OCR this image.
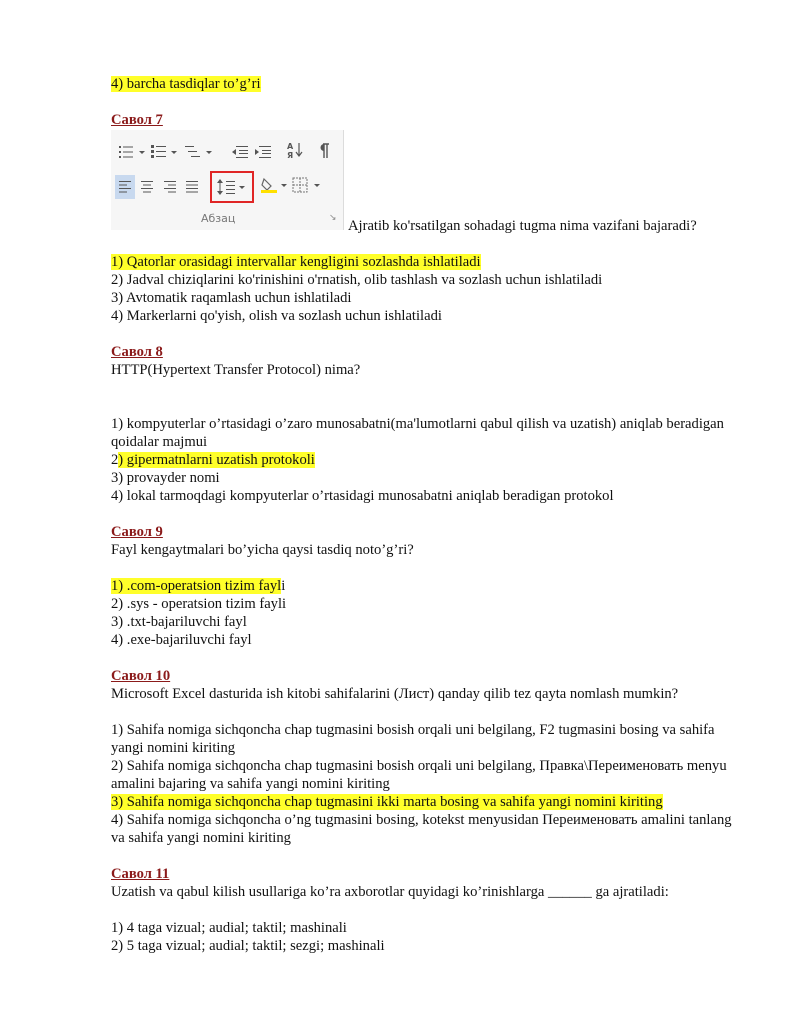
4) barcha tasdiqlar to’g’ri
Савол 7
A
Я
Абзац	↘ Ajratib ko'rsatilgan sohadagi tugma nima vazifani bajaradi?
1) Qatorlar orasidagi intervallar kengligini sozlashda ishlatiladi
2) Jadval chiziqlarini ko'rinishini o'rnatish, olib tashlash va sozlash uchun ishlatiladi
3) Avtomatik raqamlash uchun ishlatiladi
4) Markerlarni qo'yish, olish va sozlash uchun ishlatiladi
Савол 8
HTTP(Hypertext Transfer Protocol) nima?
1) kompyuterlar o’rtasidagi o’zaro munosabatni(ma'lumotlarni qabul qilish va uzatish) aniqlab beradigan qoidalar majmui
2) gipermatnlarni uzatish protokoli
3) provayder nomi
4) lokal tarmoqdagi kompyuterlar o’rtasidagi munosabatni aniqlab beradigan protokol
Савол 9
Fayl kengaytmalari bo’yicha qaysi tasdiq noto’g’ri?
1) .com-operatsion tizim fayli
2) .sys - operatsion tizim fayli
3) .txt-bajariluvchi fayl
4) .exe-bajariluvchi fayl
Савол 10
Microsoft Excel dasturida ish kitobi sahifalarini (Лист) qanday qilib tez qayta nomlash mumkin?
1) Sahifa nomiga sichqoncha chap tugmasini bosish orqali uni belgilang, F2 tugmasini bosing va sahifa yangi nomini kiriting
2) Sahifa nomiga sichqoncha chap tugmasini bosish orqali uni belgilang, Правка\Переименовать menyu amalini bajaring va sahifa yangi nomini kiriting
3) Sahifa nomiga sichqoncha chap tugmasini ikki marta bosing va sahifa yangi nomini kiriting
4) Sahifa nomiga sichqoncha o’ng tugmasini bosing, kotekst menyusidan Переименовать amalini tanlang va sahifa yangi nomini kiriting
Савол 11
Uzatish va qabul kilish usullariga ko’ra axborotlar quyidagi ko’rinishlarga ______ ga ajratiladi:
1) 4 taga vizual; audial; taktil; mashinali
2) 5 taga vizual; audial; taktil; sezgi; mashinali
